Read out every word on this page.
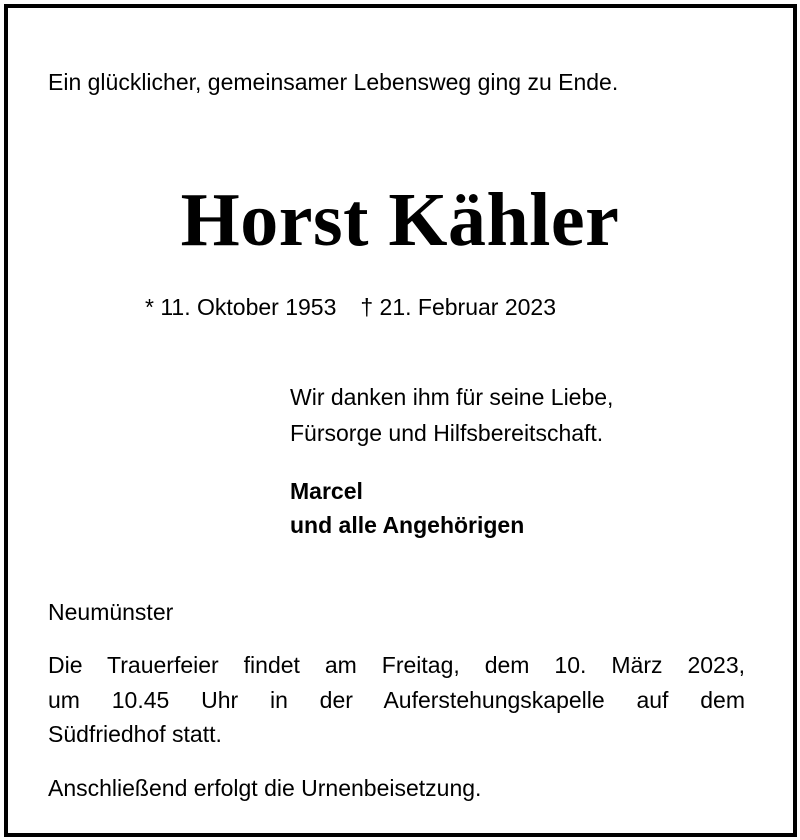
Ein glücklicher, gemeinsamer Lebensweg ging zu Ende.

Horst Kähler

* 11. Oktober 1953 † 21. Februar 2023

Wir danken ihm für seine Liebe,

Fürsorge und Hilfsbereitschaft.

Marcel

und alle Angehörigen

Neumünster

Die Trauerfeier findet am Freitag, dem 10. März 2023,

um 10.45 Uhr in der Auferstehungskapelle auf dem

Südfriedhof statt.

Anschließend erfolgt die Urnenbeisetzung.
